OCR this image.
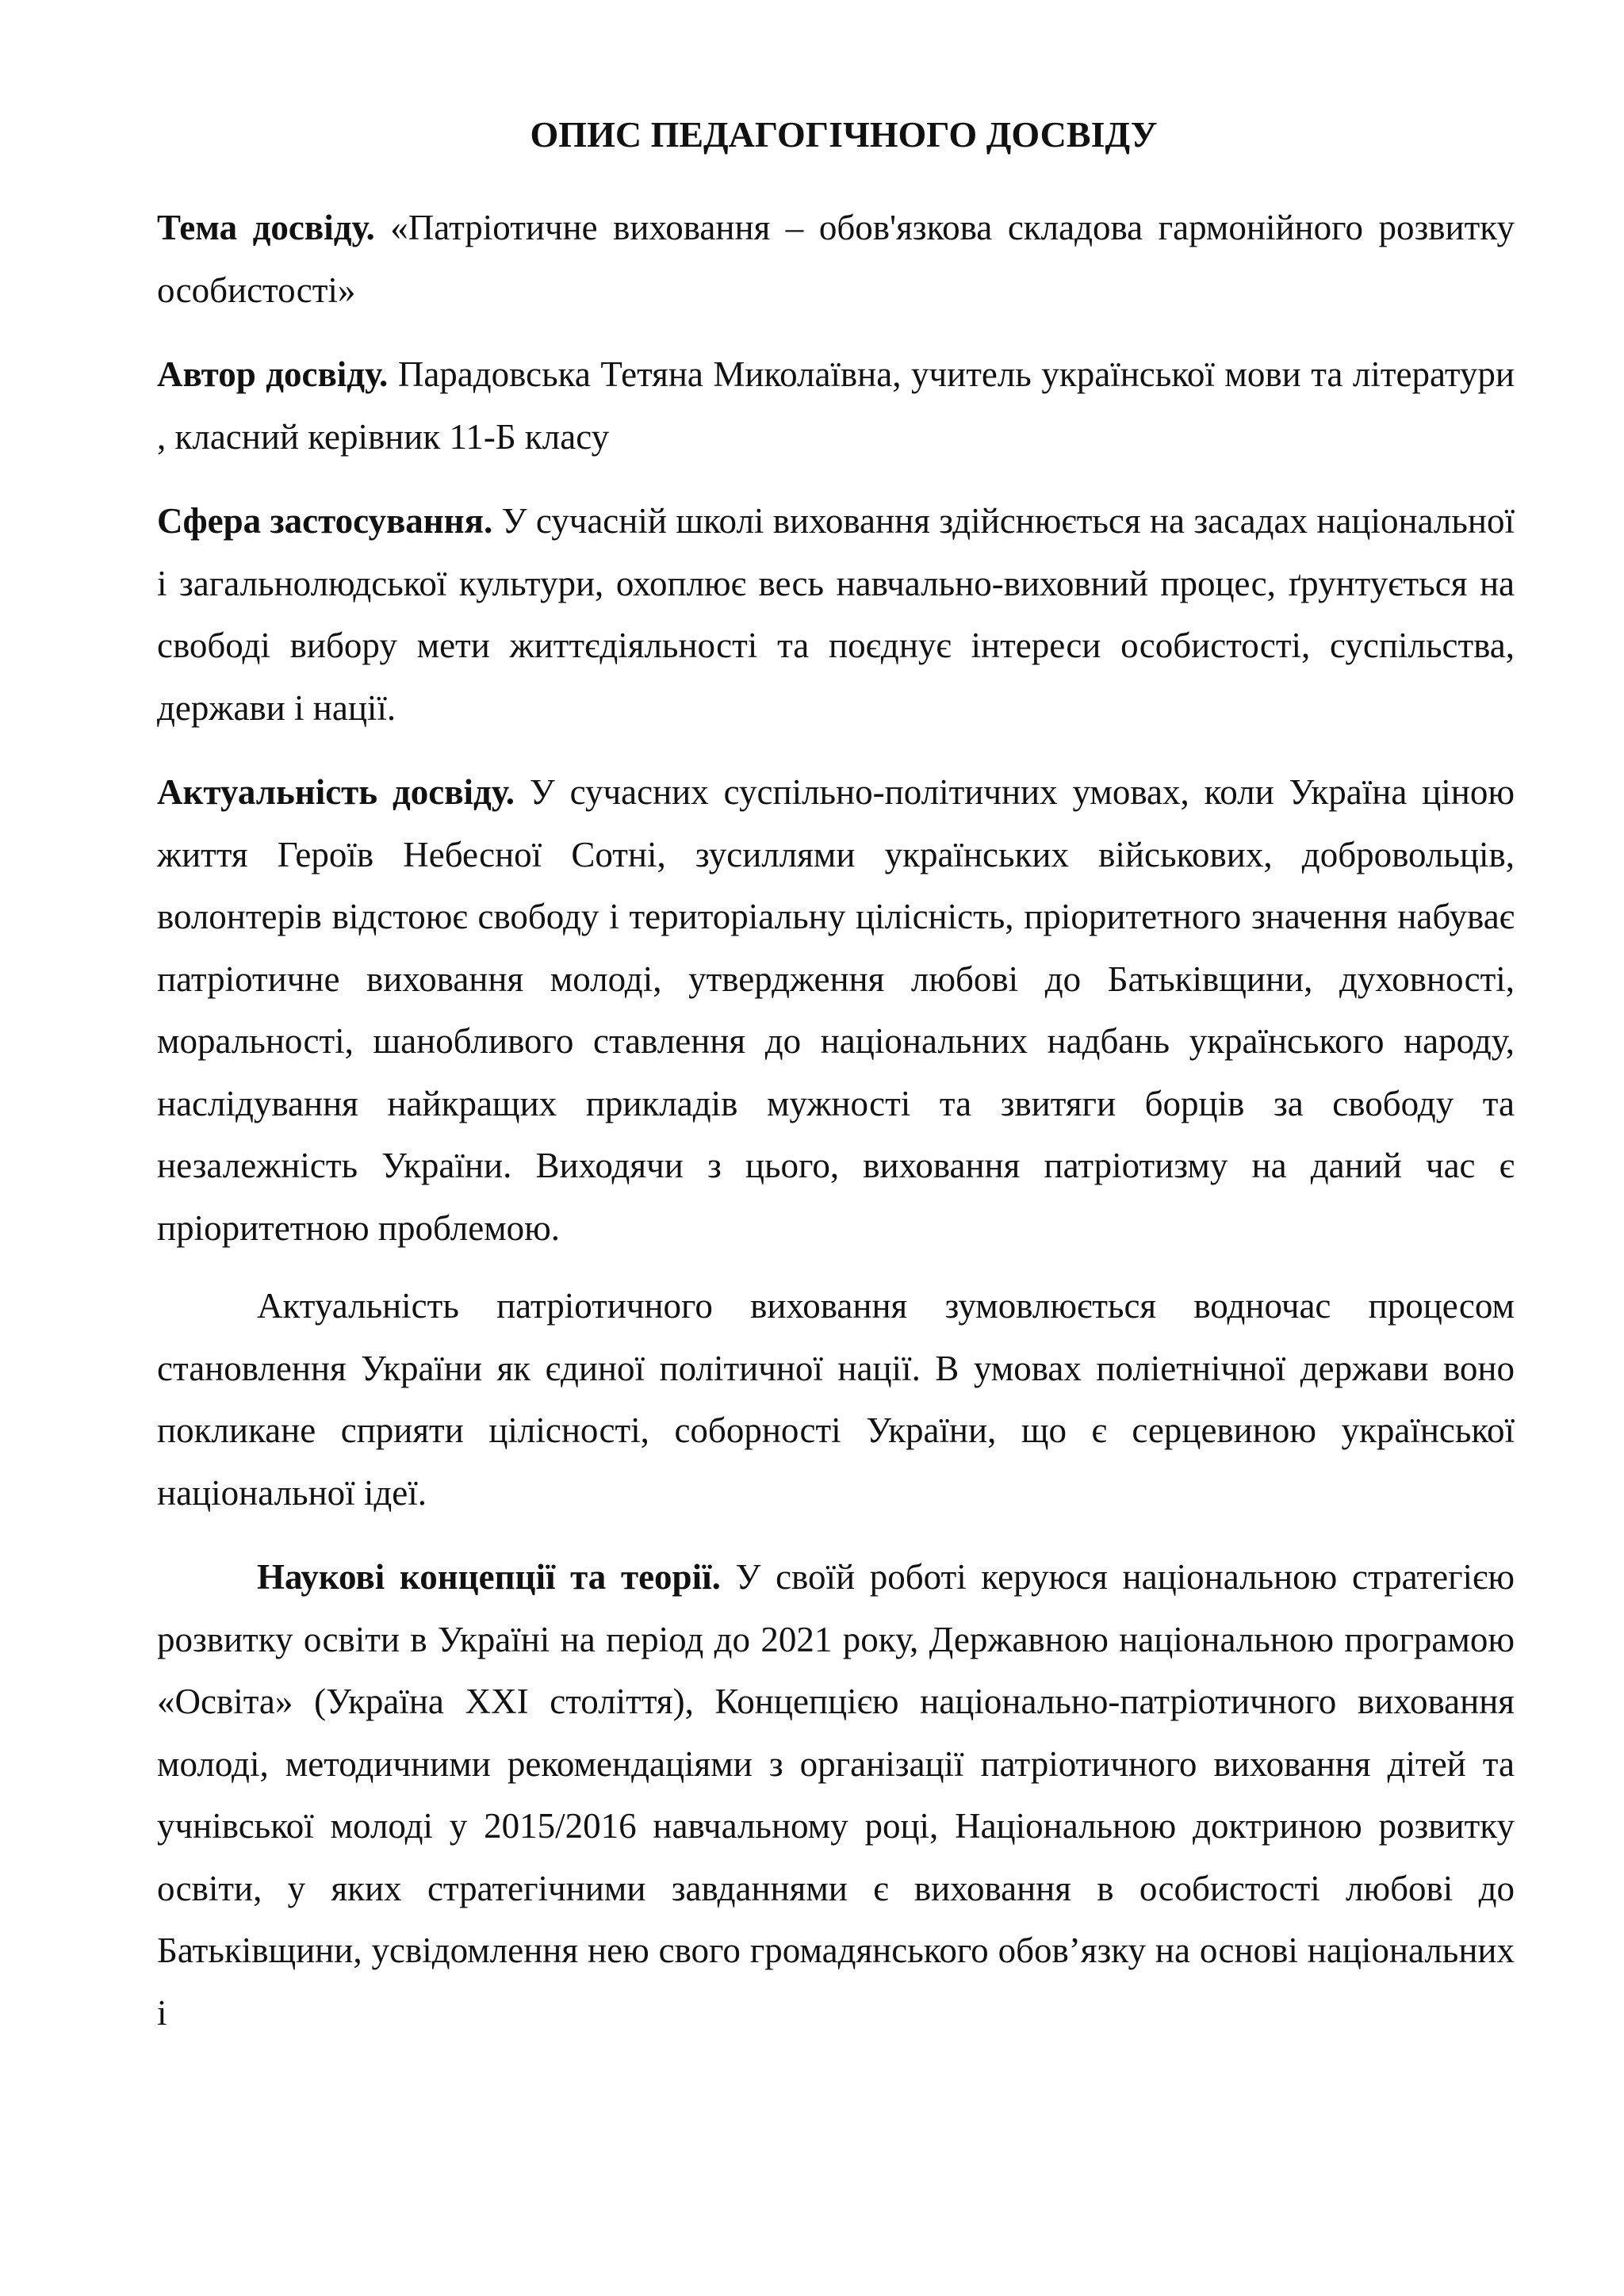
ОПИС ПЕДАГОГІЧНОГО ДОСВІДУ

Тема досвіду. «Патріотичне виховання – обов'язкова складова гармонійного розвитку особистості»

Автор досвіду. Парадовська Тетяна Миколаївна, учитель української мови та літератури , класний керівник 11-Б класу

Сфера застосування. У сучасній школі виховання здійснюється на засадах національної і загальнолюдської культури, охоплює весь навчально-виховний процес, ґрунтується на свободі вибору мети життєдіяльності та поєднує інтереси особистості, суспільства, держави і нації.

Актуальність досвіду. У сучасних суспільно-політичних умовах, коли Україна ціною життя Героїв Небесної Сотні, зусиллями українських військових, добровольців, волонтерів відстоює свободу і територіальну цілісність, пріоритетного значення набуває патріотичне виховання молоді, утвердження любові до Батьківщини, духовності, моральності, шанобливого ставлення до національних надбань українського народу, наслідування найкращих прикладів мужності та звитяги борців за свободу та незалежність України. Виходячи з цього, виховання патріотизму на даний час є пріоритетною проблемою.

Актуальність патріотичного виховання зумовлюється водночас процесом становлення України як єдиної політичної нації. В умовах поліетнічної держави воно покликане сприяти цілісності, соборності України, що є серцевиною української національної ідеї.

Наукові концепції та теорії. У своїй роботі керуюся національною стратегією розвитку освіти в Україні на період до 2021 року, Державною національною програмою «Освіта» (Україна XXI століття), Концепцією національно-патріотичного виховання молоді, методичними рекомендаціями з організації патріотичного виховання дітей та учнівської молоді у 2015/2016 навчальному році, Національною доктриною розвитку освіти, у яких стратегічними завданнями є виховання в особистості любові до Батьківщини, усвідомлення нею свого громадянського обов’язку на основі національних і
